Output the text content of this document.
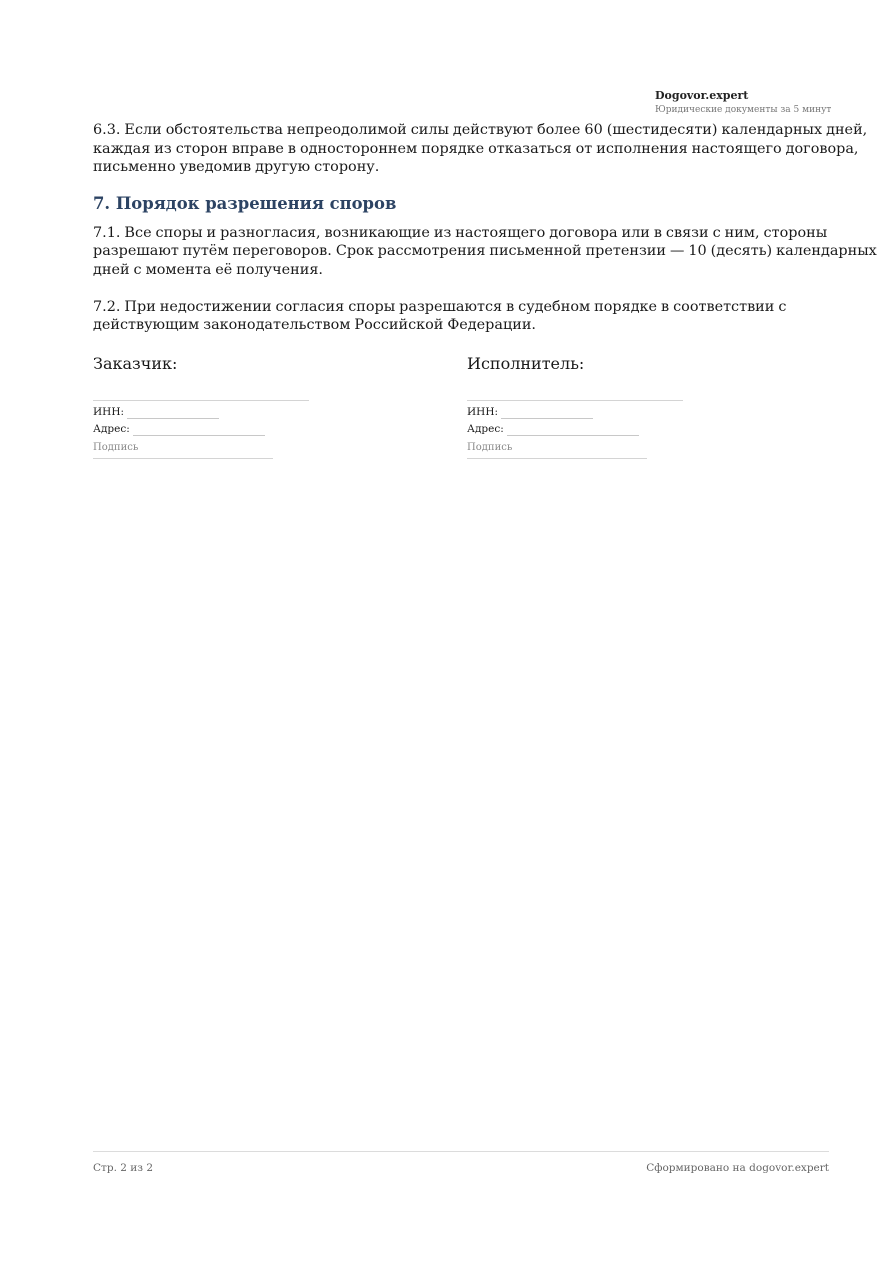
Dogovor.expert
Юридические документы за 5 минут

6.3. Если обстоятельства непреодолимой силы действуют более 60 (шестидесяти) календарных дней, каждая из сторон вправе в одностороннем порядке отказаться от исполнения настоящего договора, письменно уведомив другую сторону.

7. Порядок разрешения споров

7.1. Все споры и разногласия, возникающие из настоящего договора или в связи с ним, стороны разрешают путём переговоров. Срок рассмотрения письменной претензии — 10 (десять) календарных дней с момента её получения.

7.2. При недостижении согласия споры разрешаются в судебном порядке в соответствии с действующим законодательством Российской Федерации.

Заказчик:
ИНН:
Адрес:
Подпись
Исполнитель:
ИНН:
Адрес:
Подпись
Стр. 2 из 2	Сформировано на dogovor.expert
